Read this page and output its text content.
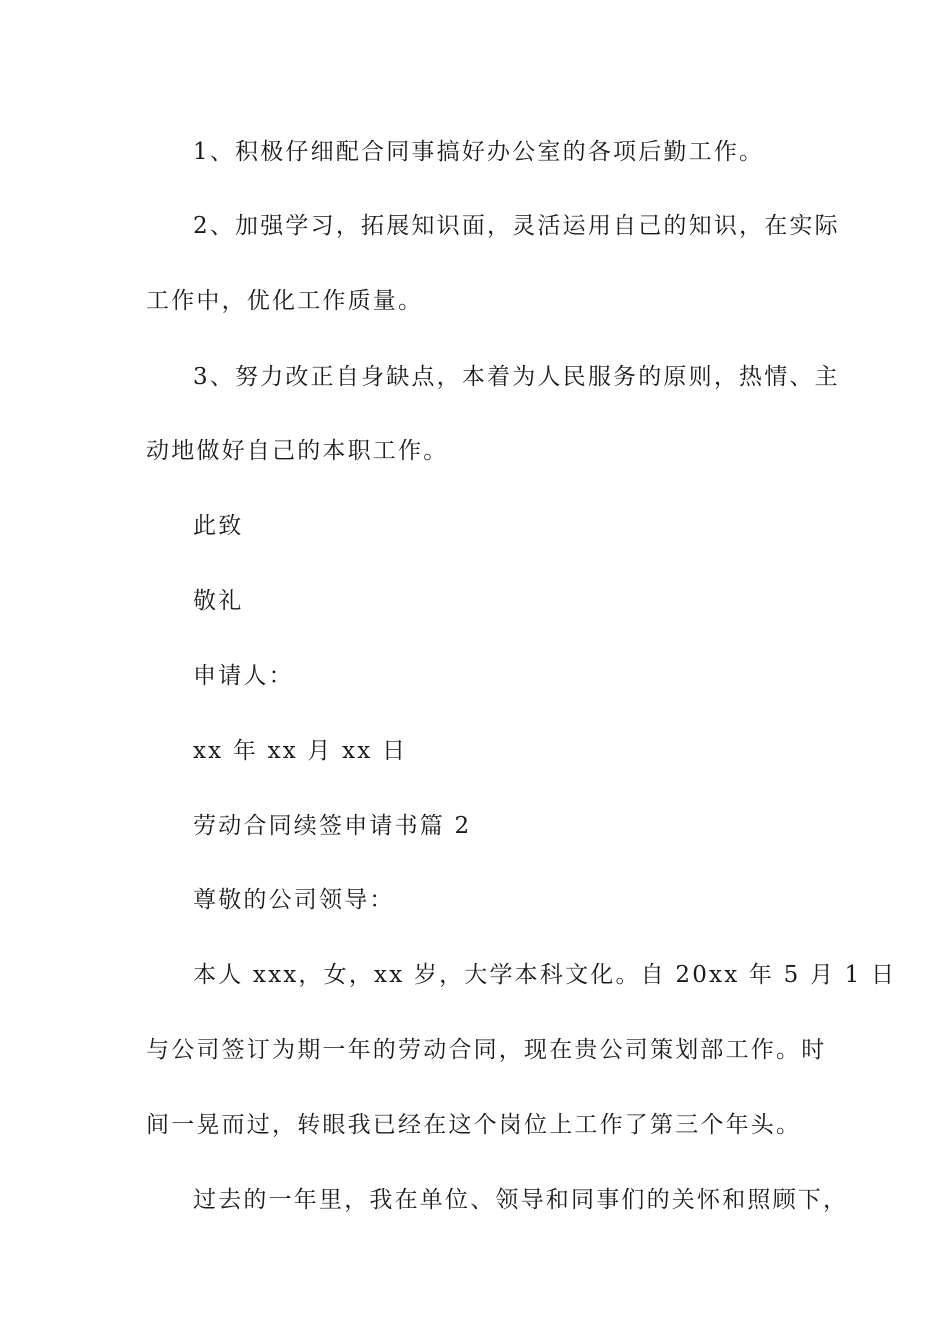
1、积极仔细配合同事搞好办公室的各项后勤工作。
2、加强学习，拓展知识面，灵活运用自己的知识，在实际
工作中，优化工作质量。
3、努力改正自身缺点，本着为人民服务的原则，热情、主
动地做好自己的本职工作。
此致
敬礼
申请人：
xx 年 xx 月 xx 日
劳动合同续签申请书篇 2
尊敬的公司领导：
本人 xxx，女，xx 岁，大学本科文化。自 20xx 年 5 月 1 日
与公司签订为期一年的劳动合同，现在贵公司策划部工作。时
间一晃而过，转眼我已经在这个岗位上工作了第三个年头。
过去的一年里，我在单位、领导和同事们的关怀和照顾下，
